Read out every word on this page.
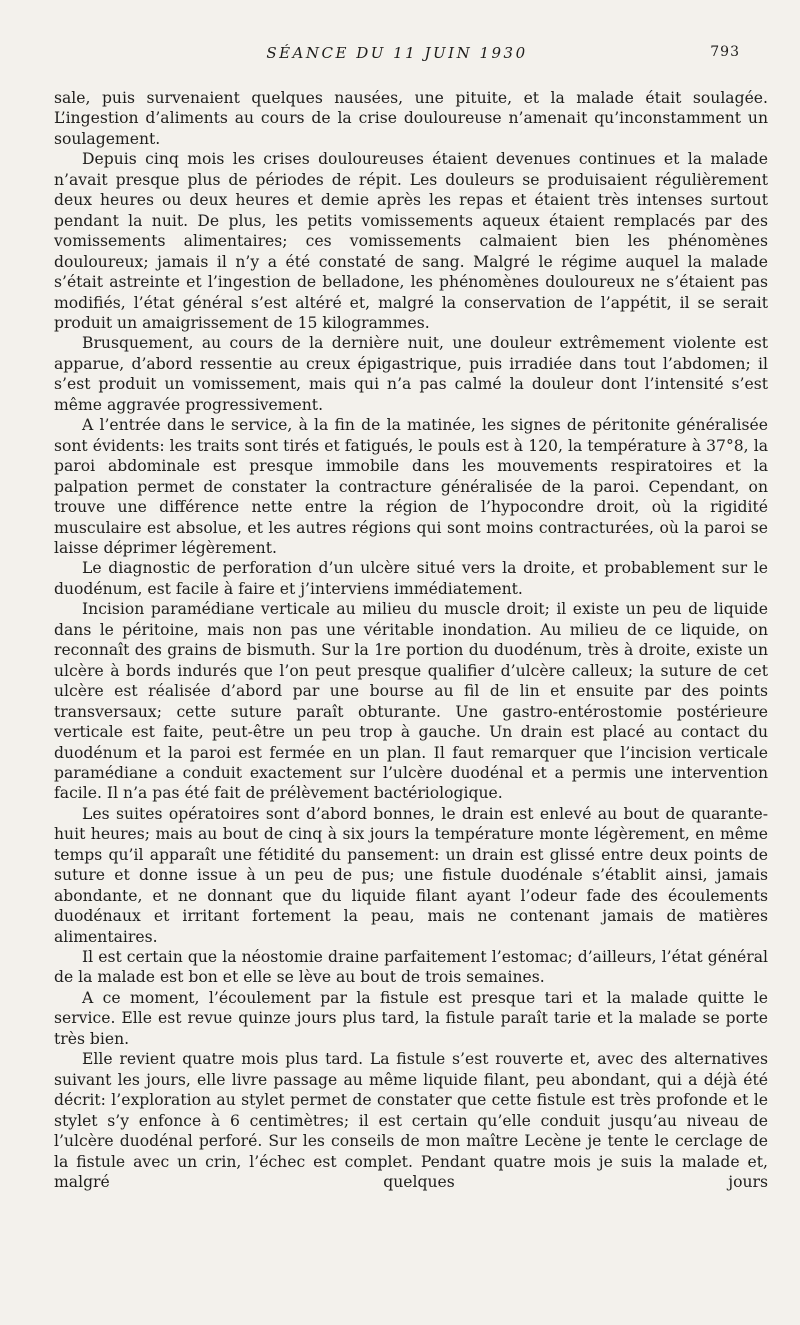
SÉANCE DU 11 JUIN 1930	793

sale, puis survenaient quelques nausées, une pituite, et la malade était soulagée. L’ingestion d’aliments au cours de la crise douloureuse n’amenait qu’inconstamment un soulagement.

Depuis cinq mois les crises douloureuses étaient devenues continues et la malade n’avait presque plus de périodes de répit. Les douleurs se produisaient régulièrement deux heures ou deux heures et demie après les repas et étaient très intenses surtout pendant la nuit. De plus, les petits vomissements aqueux étaient remplacés par des vomissements alimentaires; ces vomissements calmaient bien les phénomènes douloureux; jamais il n’y a été constaté de sang. Malgré le régime auquel la malade s’était astreinte et l’ingestion de belladone, les phénomènes douloureux ne s’étaient pas modifiés, l’état général s’est altéré et, malgré la conservation de l’appétit, il se serait produit un amaigrissement de 15 kilogrammes.

Brusquement, au cours de la dernière nuit, une douleur extrêmement violente est apparue, d’abord ressentie au creux épigastrique, puis irradiée dans tout l’abdomen; il s’est produit un vomissement, mais qui n’a pas calmé la douleur dont l’intensité s’est même aggravée progressivement.

A l’entrée dans le service, à la fin de la matinée, les signes de péritonite généralisée sont évidents: les traits sont tirés et fatigués, le pouls est à 120, la température à 37°8, la paroi abdominale est presque immobile dans les mouvements respiratoires et la palpation permet de constater la contracture généralisée de la paroi. Cependant, on trouve une différence nette entre la région de l’hypocondre droit, où la rigidité musculaire est absolue, et les autres régions qui sont moins contracturées, où la paroi se laisse déprimer légèrement.

Le diagnostic de perforation d’un ulcère situé vers la droite, et probablement sur le duodénum, est facile à faire et j’interviens immédiatement.

Incision paramédiane verticale au milieu du muscle droit; il existe un peu de liquide dans le péritoine, mais non pas une véritable inondation. Au milieu de ce liquide, on reconnaît des grains de bismuth. Sur la 1re portion du duodénum, très à droite, existe un ulcère à bords indurés que l’on peut presque qualifier d’ulcère calleux; la suture de cet ulcère est réalisée d’abord par une bourse au fil de lin et ensuite par des points transversaux; cette suture paraît obturante. Une gastro-entérostomie postérieure verticale est faite, peut-être un peu trop à gauche. Un drain est placé au contact du duodénum et la paroi est fermée en un plan. Il faut remarquer que l’incision verticale paramédiane a conduit exactement sur l’ulcère duodénal et a permis une intervention facile. Il n’a pas été fait de prélèvement bactériologique.

Les suites opératoires sont d’abord bonnes, le drain est enlevé au bout de quarante-huit heures; mais au bout de cinq à six jours la température monte légèrement, en même temps qu’il apparaît une fétidité du pansement: un drain est glissé entre deux points de suture et donne issue à un peu de pus; une fistule duodénale s’établit ainsi, jamais abondante, et ne donnant que du liquide filant ayant l’odeur fade des écoulements duodénaux et irritant fortement la peau, mais ne contenant jamais de matières alimentaires.

Il est certain que la néostomie draine parfaitement l’estomac; d’ailleurs, l’état général de la malade est bon et elle se lève au bout de trois semaines.

A ce moment, l’écoulement par la fistule est presque tari et la malade quitte le service. Elle est revue quinze jours plus tard, la fistule paraît tarie et la malade se porte très bien.

Elle revient quatre mois plus tard. La fistule s’est rouverte et, avec des alternatives suivant les jours, elle livre passage au même liquide filant, peu abondant, qui a déjà été décrit: l’exploration au stylet permet de constater que cette fistule est très profonde et le stylet s’y enfonce à 6 centimètres; il est certain qu’elle conduit jusqu’au niveau de l’ulcère duodénal perforé. Sur les conseils de mon maître Lecène je tente le cerclage de la fistule avec un crin, l’échec est complet. Pendant quatre mois je suis la malade et, malgré quelques jours
